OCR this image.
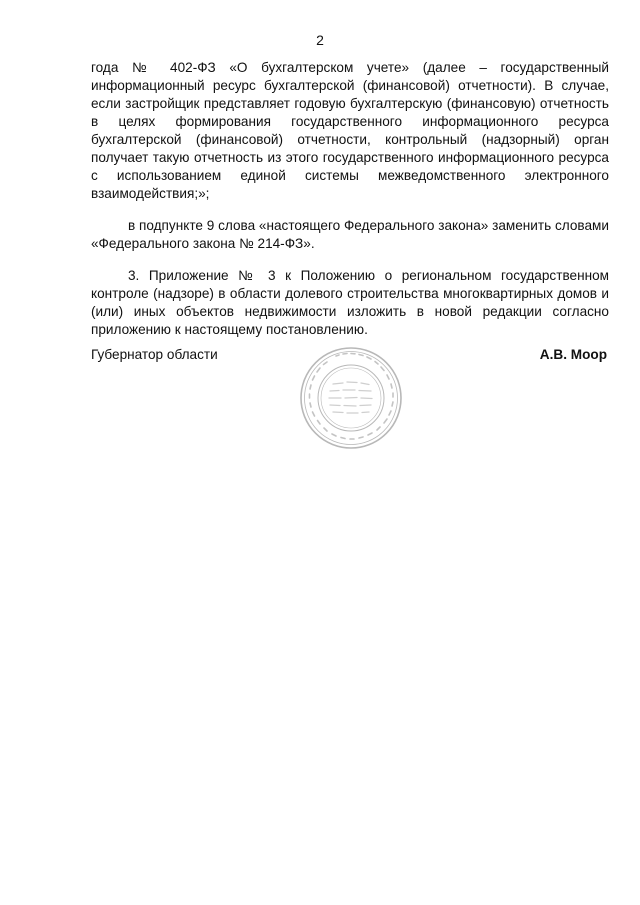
2

года № 402-ФЗ «О бухгалтерском учете» (далее – государственный информационный ресурс бухгалтерской (финансовой) отчетности). В случае, если застройщик представляет годовую бухгалтерскую (финансовую) отчетность в целях формирования государственного информационного ресурса бухгалтерской (финансовой) отчетности, контрольный (надзорный) орган получает такую отчетность из этого государственного информационного ресурса с использованием единой системы межведомственного электронного взаимодействия;»;

в подпункте 9 слова «настоящего Федерального закона» заменить словами «Федерального закона № 214-ФЗ».

3. Приложение № 3 к Положению о региональном государственном контроле (надзоре) в области долевого строительства многоквартирных домов и (или) иных объектов недвижимости изложить в новой редакции согласно приложению к настоящему постановлению.

Губернатор области	А.В. Моор
